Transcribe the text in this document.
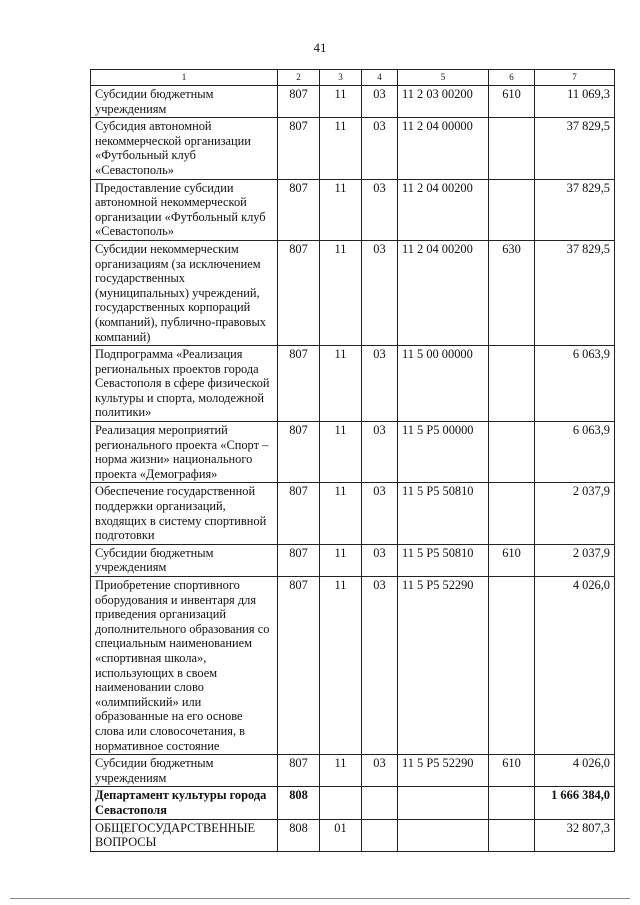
41
1	2	3	4	5	6	7
Субсидии бюджетным учреждениям	807	11	03	11 2 03 00200	610	11 069,3
Субсидия автономной некоммерческой организации «Футбольный клуб «Севастополь»	807	11	03	11 2 04 00000		37 829,5
Предоставление субсидии автономной некоммерческой организации «Футбольный клуб «Севастополь»	807	11	03	11 2 04 00200		37 829,5
Субсидии некоммерческим организациям (за исключением государственных (муниципальных) учреждений, государственных корпораций (компаний), публично-правовых компаний)	807	11	03	11 2 04 00200	630	37 829,5
Подпрограмма «Реализация региональных проектов города Севастополя в сфере физической культуры и спорта, молодежной политики»	807	11	03	11 5 00 00000		6 063,9
Реализация мероприятий регионального проекта «Спорт – норма жизни» национального проекта «Демография»	807	11	03	11 5 Р5 00000		6 063,9
Обеспечение государственной поддержки организаций, входящих в систему спортивной подготовки	807	11	03	11 5 Р5 50810		2 037,9
Субсидии бюджетным учреждениям	807	11	03	11 5 Р5 50810	610	2 037,9
Приобретение спортивного оборудования и инвентаря для приведения организаций дополнительного образования со специальным наименованием «спортивная школа», использующих в своем наименовании слово «олимпийский» или образованные на его основе слова или словосочетания, в нормативное состояние	807	11	03	11 5 Р5 52290		4 026,0
Субсидии бюджетным учреждениям	807	11	03	11 5 Р5 52290	610	4 026,0
Департамент культуры города Севастополя	808					1 666 384,0
ОБЩЕГОСУДАРСТВЕННЫЕ ВОПРОСЫ	808	01				32 807,3
